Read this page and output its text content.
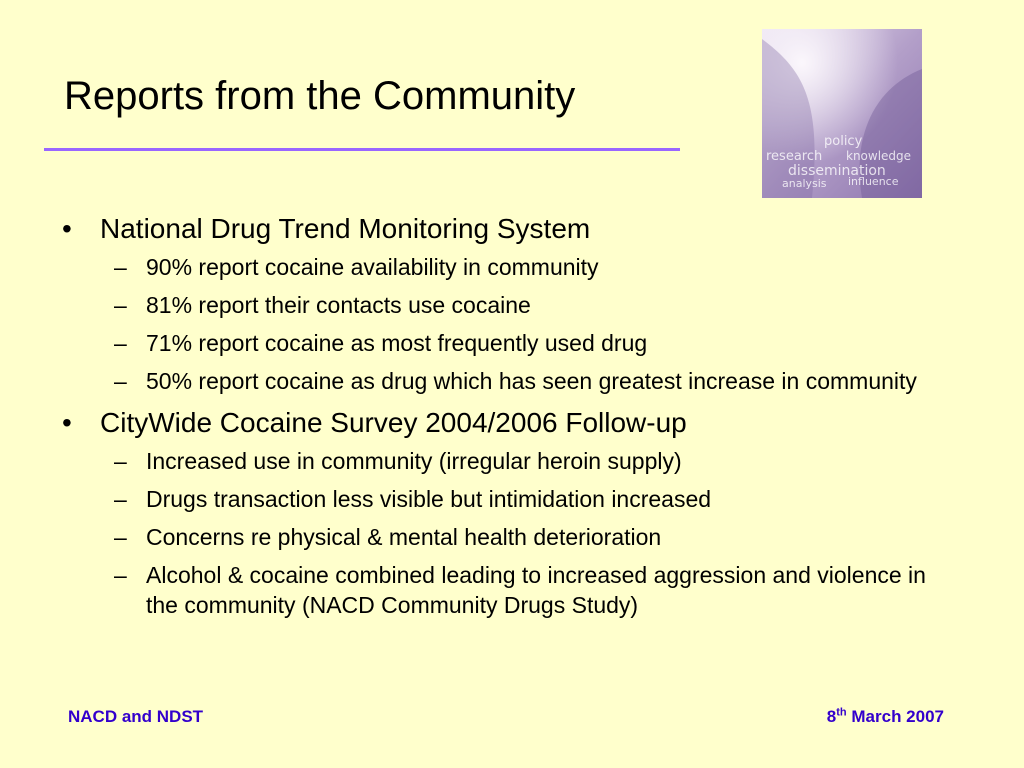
Reports from the Community
policy
research knowledge
dissemination
analysis influence
•	National Drug Trend Monitoring System
– 90% report cocaine availability in community
– 81% report their contacts use cocaine
– 71% report cocaine as most frequently used drug
– 50% report cocaine as drug which has seen greatest increase in community
•	CityWide Cocaine Survey 2004/2006 Follow-up
– Increased use in community (irregular heroin supply)
– Drugs transaction less visible but intimidation increased
– Concerns re physical & mental health deterioration
– Alcohol & cocaine combined leading to increased aggression and violence in the community (NACD Community Drugs Study)
NACD and NDST	8th March 2007
